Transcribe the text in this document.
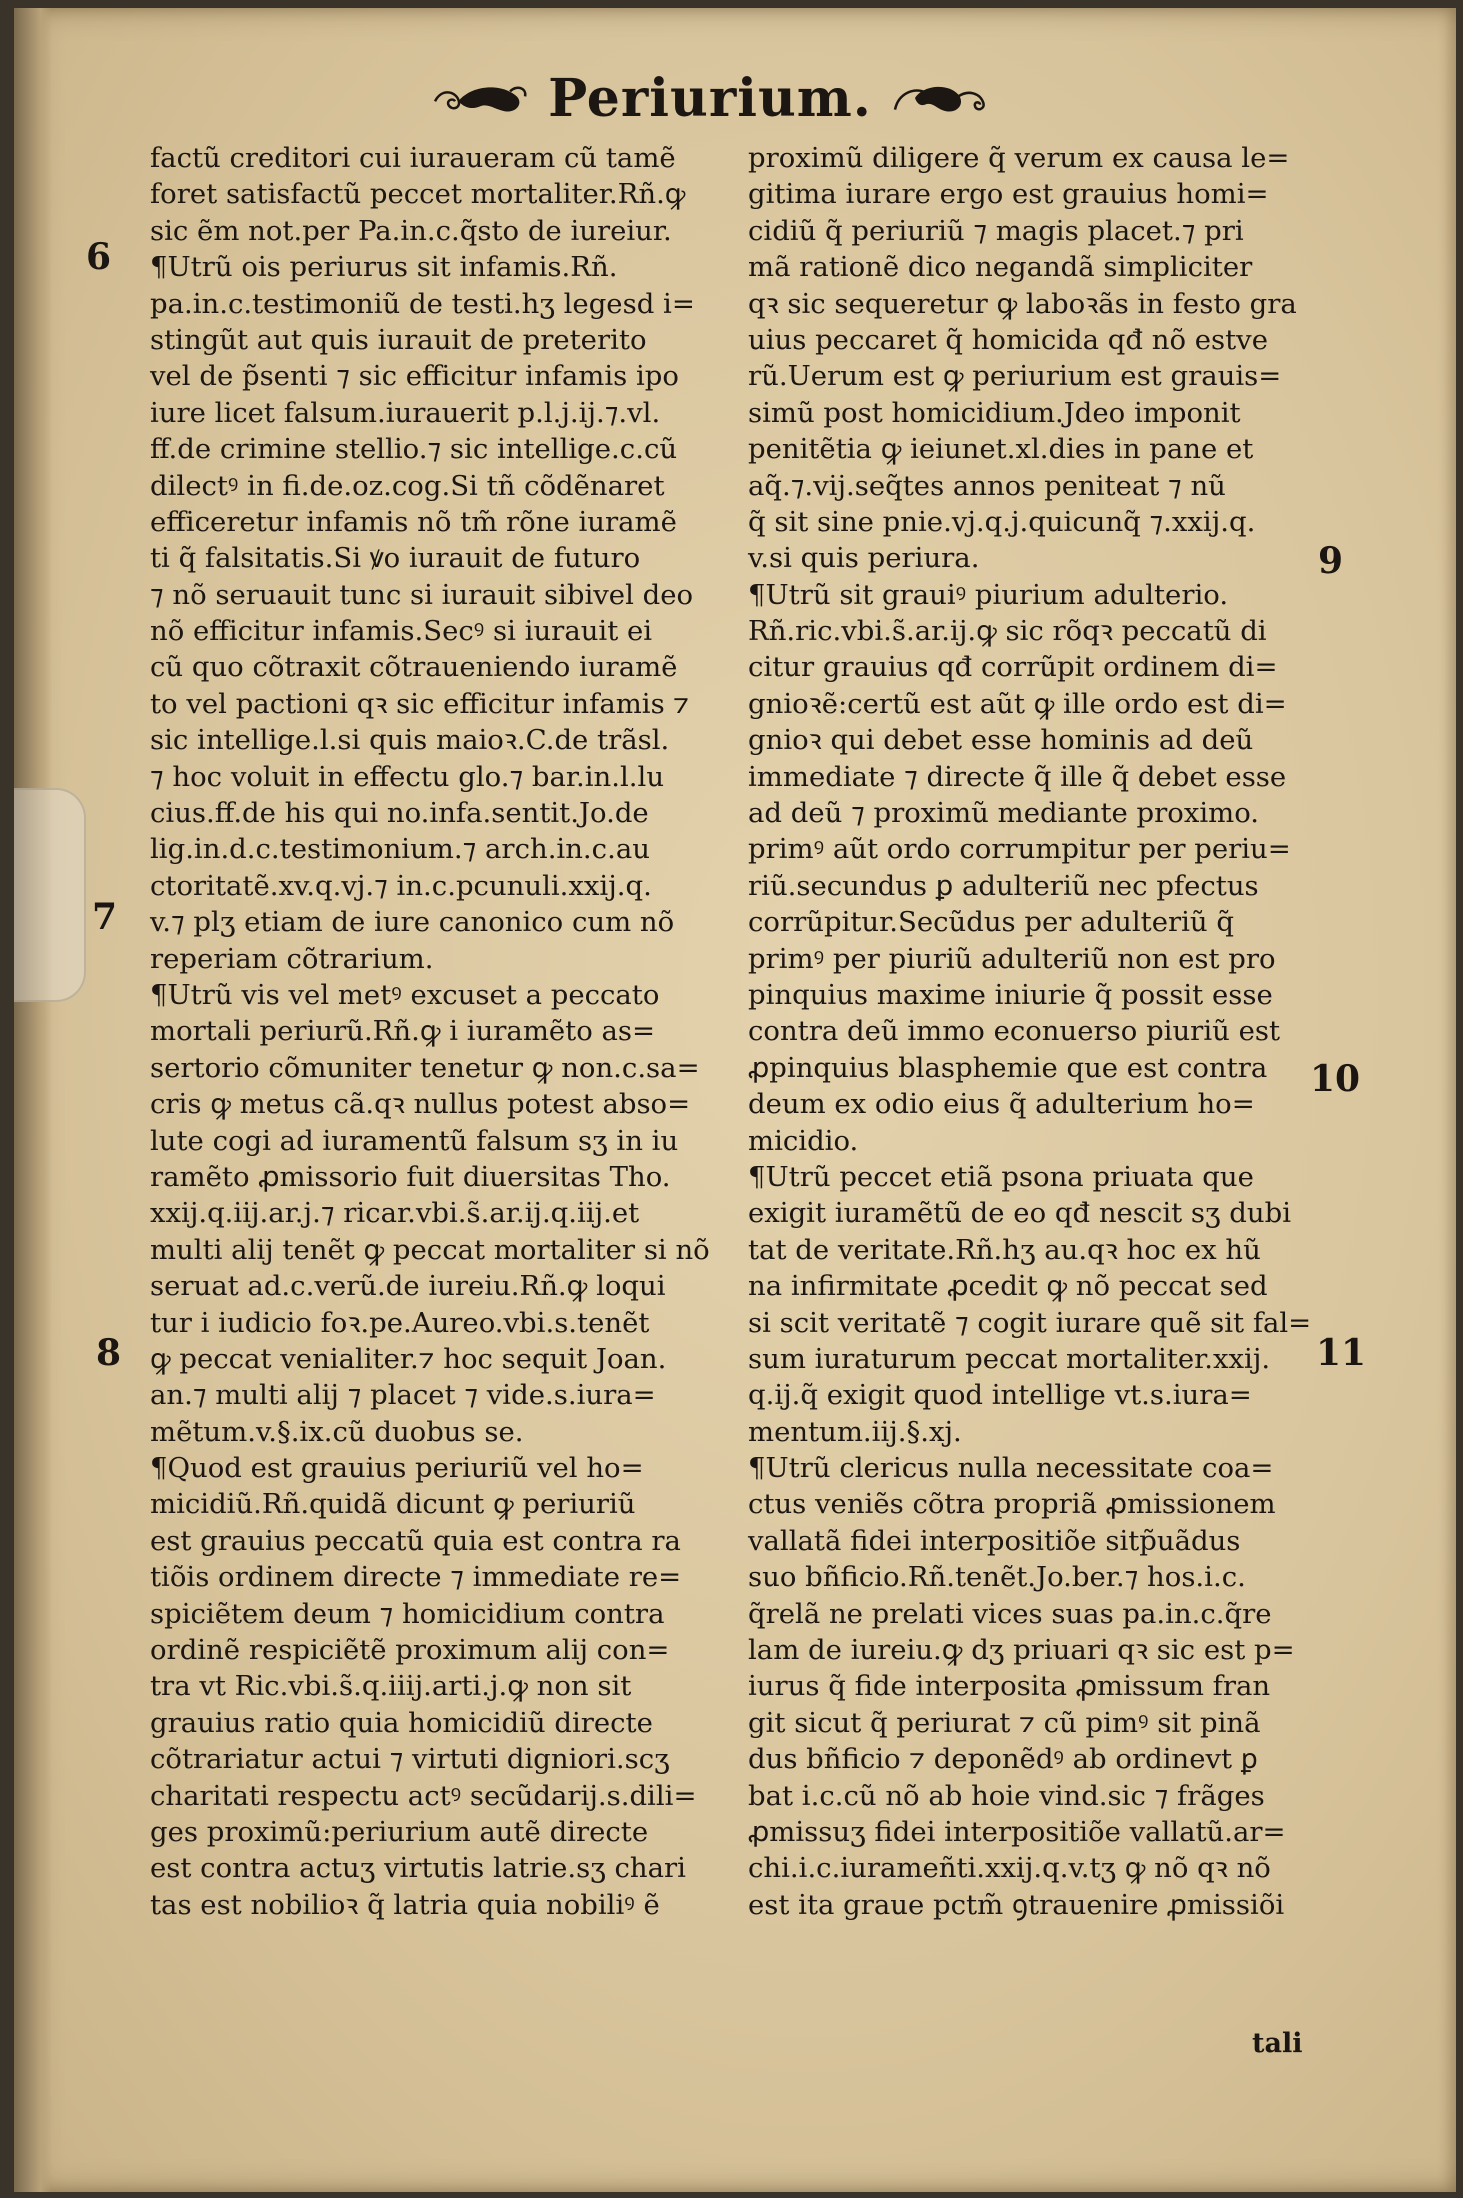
Periurium.
factũ creditori cui iuraueram cũ tamẽ
foret satisfactũ peccet mortaliter.Rñ.ꝙ
sic ẽm not.per Pa.in.c.q̃sto de iureiur.
¶Utrũ ois periurus sit infamis.Rñ.
pa.in.c.testimoniũ de testi.hʒ legesd i=
stingũt aut quis iurauit de preterito
vel de p̃senti ⁊ sic efficitur infamis ipo
iure licet falsum.iurauerit p.l.j.ij.⁊.vl.
ff.de crimine stellio.⁊ sic intellige.c.cũ
dilectꝰ in fi.de.oz.cog.Si tñ cõdẽnaret
efficeretur infamis nõ tm̃ rõne iuramẽ
ti q̃ falsitatis.Si ꝟo iurauit de futuro
⁊ nõ seruauit tunc si iurauit sibivel deo
nõ efficitur infamis.Secꝰ si iurauit ei
cũ quo cõtraxit cõtraueniendo iuramẽ
to vel pactioni qꝛ sic efficitur infamis ⁊
sic intellige.l.si quis maioꝛ.C.de trãsl.
⁊ hoc voluit in effectu glo.⁊ bar.in.l.lu
cius.ff.de his qui no.infa.sentit.Jo.de
lig.in.d.c.testimonium.⁊ arch.in.c.au
ctoritatẽ.xv.q.vj.⁊ in.c.pcunuli.xxij.q.
v.⁊ plʒ etiam de iure canonico cum nõ
reperiam cõtrarium.
¶Utrũ vis vel metꝰ excuset a peccato
mortali periurũ.Rñ.ꝙ i iuramẽto as=
sertorio cõmuniter tenetur ꝙ non.c.sa=
cris ꝙ metus cã.qꝛ nullus potest abso=
lute cogi ad iuramentũ falsum sʒ in iu
ramẽto ꝓmissorio fuit diuersitas Tho.
xxij.q.iij.ar.j.⁊ ricar.vbi.s̃.ar.ij.q.iij.et
multi alij tenẽt ꝙ peccat mortaliter si nõ
seruat ad.c.verũ.de iureiu.Rñ.ꝙ loqui
tur i iudicio foꝛ.pe.Aureo.vbi.s.tenẽt
ꝙ peccat venialiter.⁊ hoc sequit Joan.
an.⁊ multi alij ⁊ placet ⁊ vide.s.iura=
mẽtum.v.§.ix.cũ duobus se.
¶Quod est grauius periuriũ vel ho=
micidiũ.Rñ.quidã dicunt ꝙ periuriũ
est grauius peccatũ quia est contra ra
tiõis ordinem directe ⁊ immediate re=
spiciẽtem deum ⁊ homicidium contra
ordinẽ respiciẽtẽ proximum alij con=
tra vt Ric.vbi.s̃.q.iiij.arti.j.ꝙ non sit
grauius ratio quia homicidiũ directe
cõtrariatur actui ⁊ virtuti digniori.scʒ
charitati respectu actꝰ secũdarij.s.dili=
ges proximũ:periurium autẽ directe
est contra actuʒ virtutis latrie.sʒ chari
tas est nobilioꝛ q̃ latria quia nobiliꝰ ẽ
proximũ diligere q̃ verum ex causa le=
gitima iurare ergo est grauius homi=
cidiũ q̃ periuriũ ⁊ magis placet.⁊ pri
mã rationẽ dico negandã simpliciter
qꝛ sic sequeretur ꝙ laboꝛãs in festo gra
uius peccaret q̃ homicida qđ nõ estve
rũ.Uerum est ꝙ periurium est grauis=
simũ post homicidium.Jdeo imponit
penitẽtia ꝙ ieiunet.xl.dies in pane et
aq̃.⁊.vij.seq̃tes annos peniteat ⁊ nũ
q̃ sit sine pnie.vj.q.j.quicunq̃ ⁊.xxij.q.
v.si quis periura.
¶Utrũ sit grauiꝰ piurium adulterio.
Rñ.ric.vbi.s̃.ar.ij.ꝙ sic rõqꝛ peccatũ di
citur grauius qđ corrũpit ordinem di=
gnioꝛẽ:certũ est aũt ꝙ ille ordo est di=
gnioꝛ qui debet esse hominis ad deũ
immediate ⁊ directe q̃ ille q̃ debet esse
ad deũ ⁊ proximũ mediante proximo.
primꝰ aũt ordo corrumpitur per periu=
riũ.secundus ꝑ adulteriũ nec pfectus
corrũpitur.Secũdus per adulteriũ q̃
primꝰ per piuriũ adulteriũ non est pro
pinquius maxime iniurie q̃ possit esse
contra deũ immo econuerso piuriũ est
ꝓpinquius blasphemie que est contra
deum ex odio eius q̃ adulterium ho=
micidio.
¶Utrũ peccet etiã psona priuata que
exigit iuramẽtũ de eo qđ nescit sʒ dubi
tat de veritate.Rñ.hʒ au.qꝛ hoc ex hũ
na infirmitate ꝓcedit ꝙ nõ peccat sed
si scit veritatẽ ⁊ cogit iurare quẽ sit fal=
sum iuraturum peccat mortaliter.xxij.
q.ij.q̃ exigit quod intellige vt.s.iura=
mentum.iij.§.xj.
¶Utrũ clericus nulla necessitate coa=
ctus veniẽs cõtra propriã ꝓmissionem
vallatã fidei interpositiõe sitp̃uãdus
suo bñficio.Rñ.tenẽt.Jo.ber.⁊ hos.i.c.
q̃relã ne prelati vices suas pa.in.c.q̃re
lam de iureiu.ꝙ dʒ priuari qꝛ sic est p=
iurus q̃ fide interposita ꝓmissum fran
git sicut q̃ periurat ⁊ cũ pimꝰ sit pinã
dus bñficio ⁊ deponẽdꝰ ab ordinevt ꝑ
bat i.c.cũ nõ ab hoie vind.sic ⁊ frãges
ꝓmissuʒ fidei interpositiõe vallatũ.ar=
chi.i.c.iurameñti.xxij.q.v.tʒ ꝙ nõ qꝛ nõ
est ita graue pctm̃ ꝯtrauenire ꝓmissiõi
6
7
8
9
10
11
tali
